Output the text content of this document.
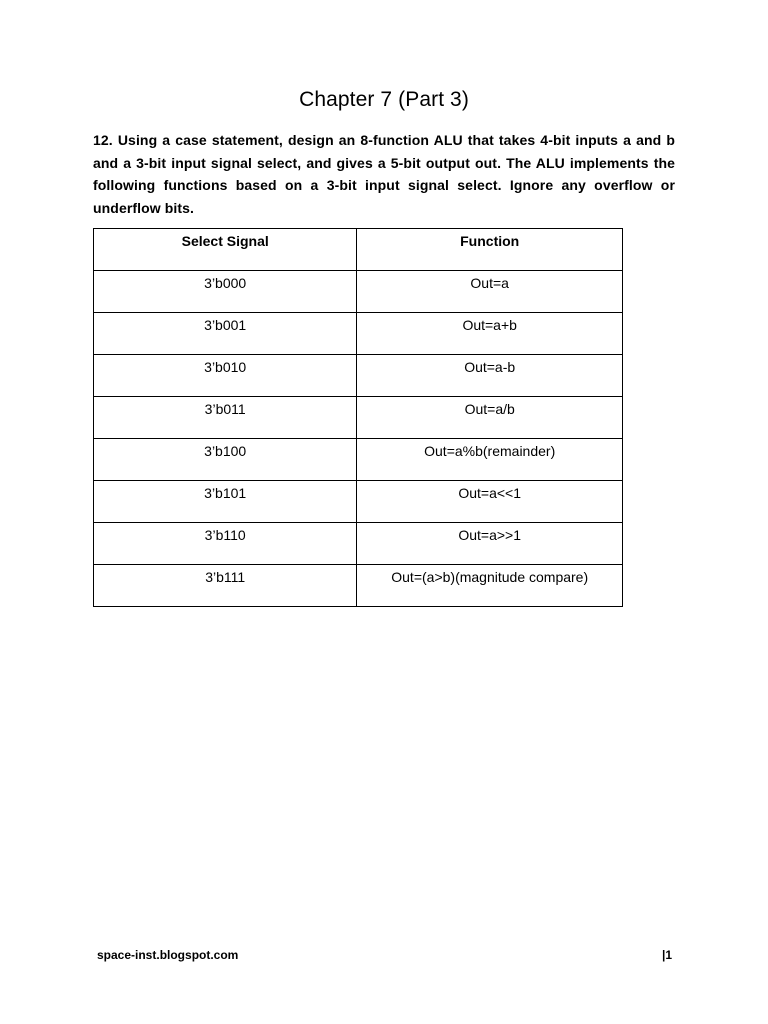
Chapter 7 (Part 3)
12. Using a case statement, design an 8-function ALU that takes 4-bit inputs a and b and a 3-bit input signal select, and gives a 5-bit output out. The ALU implements the following functions based on a 3-bit input signal select. Ignore any overflow or underflow bits.
Select Signal	Function

3’b000	Out=a

3’b001	Out=a+b

3’b010	Out=a-b

3’b011	Out=a/b

3’b100	Out=a%b(remainder)

3’b101	Out=a<<1

3’b110	Out=a>>1

3’b111	Out=(a>b)(magnitude compare)
space-inst.blogspot.com	|1
